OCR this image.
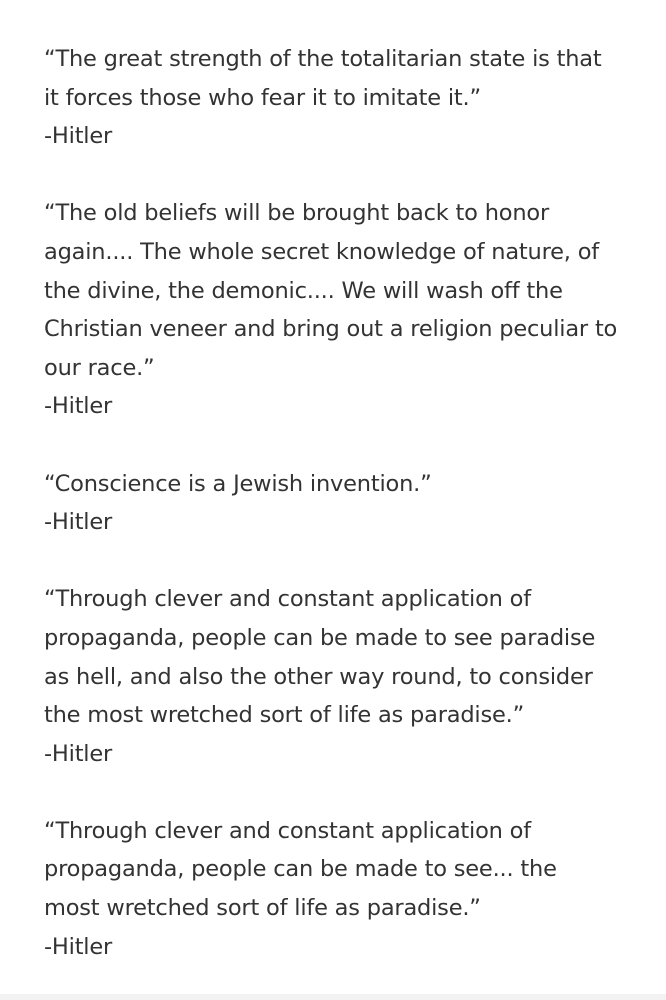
“The great strength of the totalitarian state is that
it forces those who fear it to imitate it.”
-Hitler
“The old beliefs will be brought back to honor
again.... The whole secret knowledge of nature, of
the divine, the demonic.... We will wash off the
Christian veneer and bring out a religion peculiar to
our race.”
-Hitler
“Conscience is a Jewish invention.”
-Hitler
“Through clever and constant application of
propaganda, people can be made to see paradise
as hell, and also the other way round, to consider
the most wretched sort of life as paradise.”
-Hitler
“Through clever and constant application of
propaganda, people can be made to see... the
most wretched sort of life as paradise.”
-Hitler
